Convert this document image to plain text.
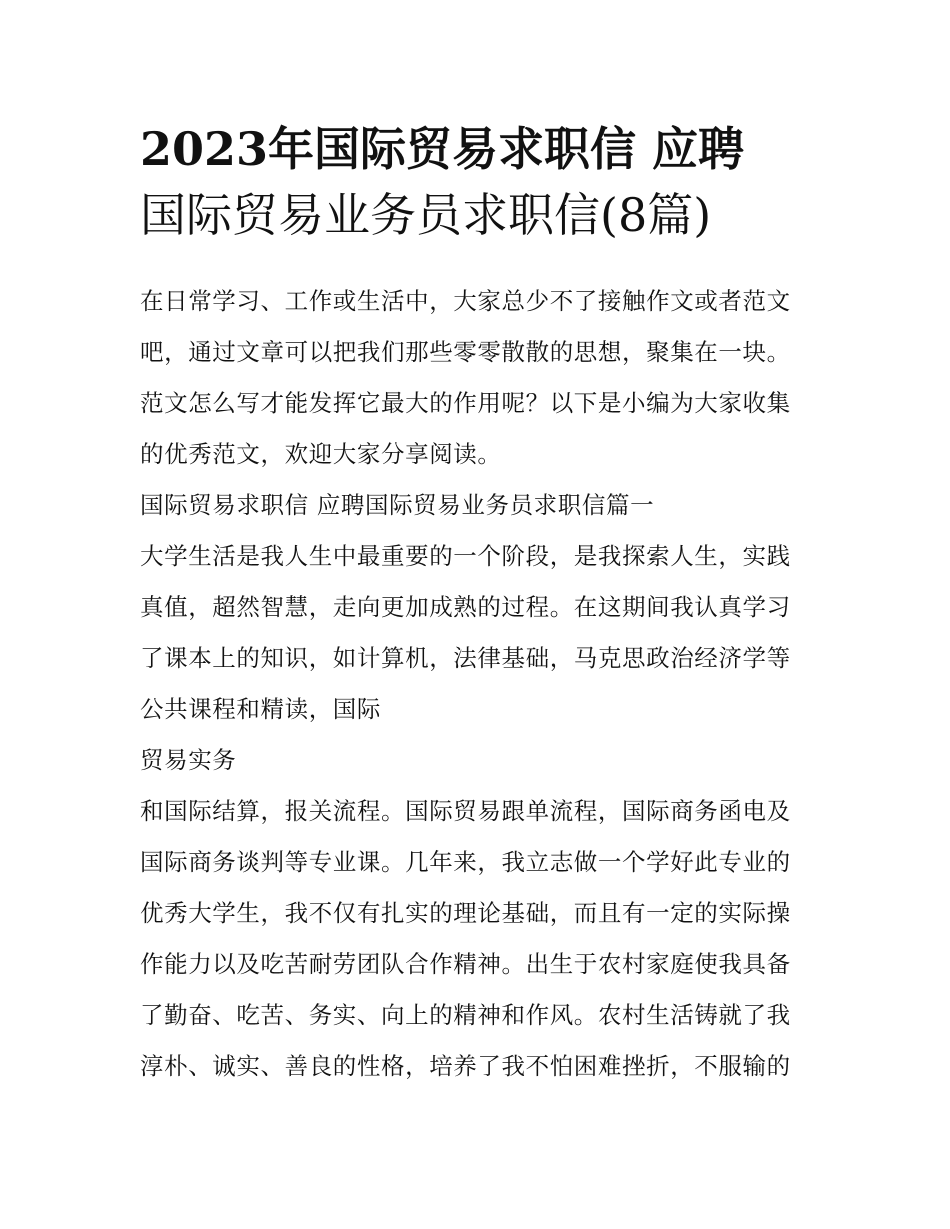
2023年国际贸易求职信 应聘
国际贸易业务员求职信(8篇)
在日常学习、工作或生活中，大家总少不了接触作文或者范文
吧，通过文章可以把我们那些零零散散的思想，聚集在一块。
范文怎么写才能发挥它最大的作用呢？以下是小编为大家收集
的优秀范文，欢迎大家分享阅读。
国际贸易求职信 应聘国际贸易业务员求职信篇一
大学生活是我人生中最重要的一个阶段，是我探索人生，实践
真值，超然智慧，走向更加成熟的过程。在这期间我认真学习
了课本上的知识，如计算机，法律基础，马克思政治经济学等
公共课程和精读，国际
贸易实务
和国际结算，报关流程。国际贸易跟单流程，国际商务函电及
国际商务谈判等专业课。几年来，我立志做一个学好此专业的
优秀大学生，我不仅有扎实的理论基础，而且有一定的实际操
作能力以及吃苦耐劳团队合作精神。出生于农村家庭使我具备
了勤奋、吃苦、务实、向上的精神和作风。农村生活铸就了我
淳朴、诚实、善良的性格，培养了我不怕困难挫折，不服输的
